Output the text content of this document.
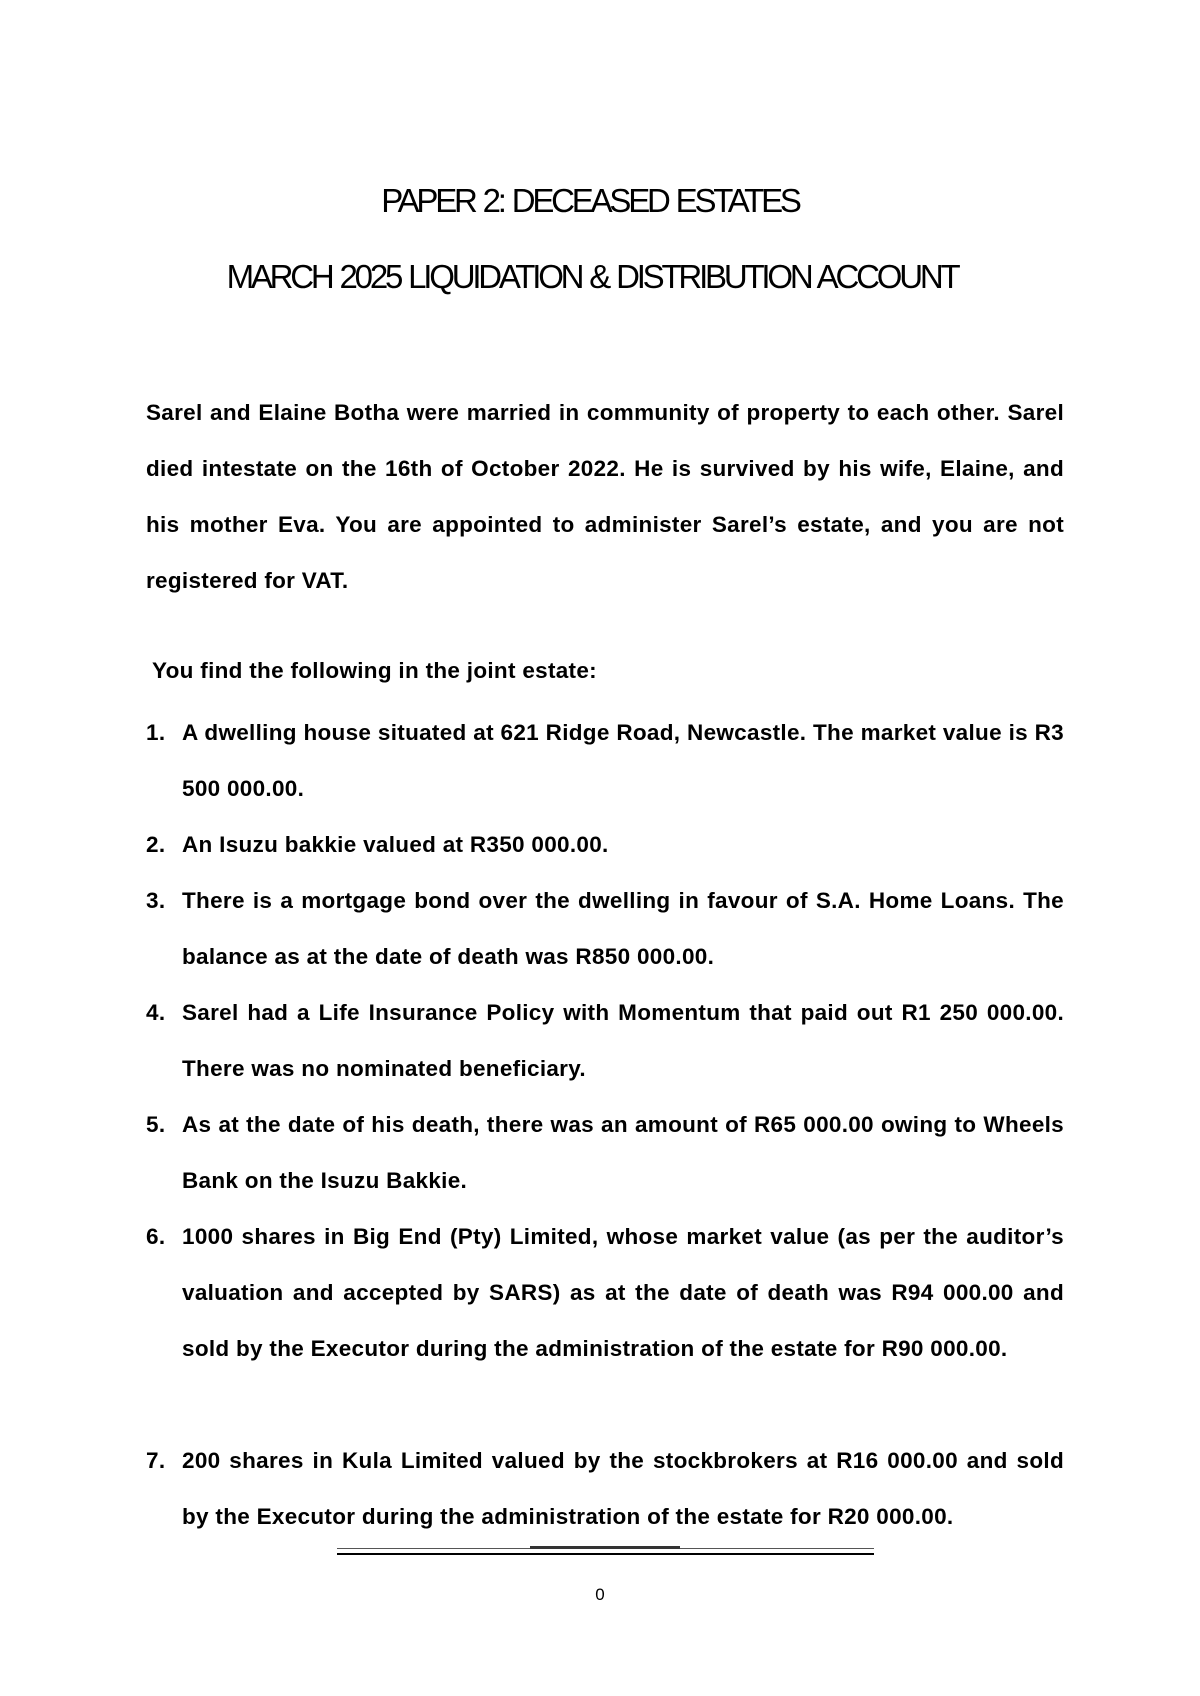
PAPER 2: DECEASED ESTATES
MARCH 2025 LIQUIDATION & DISTRIBUTION ACCOUNT

Sarel and Elaine Botha were married in community of property to each other. Sarel died intestate on the 16th of October 2022. He is survived by his wife, Elaine, and his mother Eva. You are appointed to administer Sarel’s estate, and you are not registered for VAT.

You find the following in the joint estate:

1. A dwelling house situated at 621 Ridge Road, Newcastle. The market value is R3 500 000.00.
2. An Isuzu bakkie valued at R350 000.00.
3. There is a mortgage bond over the dwelling in favour of S.A. Home Loans. The balance as at the date of death was R850 000.00.
4. Sarel had a Life Insurance Policy with Momentum that paid out R1 250 000.00. There was no nominated beneficiary.
5. As at the date of his death, there was an amount of R65 000.00 owing to Wheels Bank on the Isuzu Bakkie.
6. 1000 shares in Big End (Pty) Limited, whose market value (as per the auditor’s valuation and accepted by SARS) as at the date of death was R94 000.00 and sold by the Executor during the administration of the estate for R90 000.00.
7. 200 shares in Kula Limited valued by the stockbrokers at R16 000.00 and sold by the Executor during the administration of the estate for R20 000.00.
0
